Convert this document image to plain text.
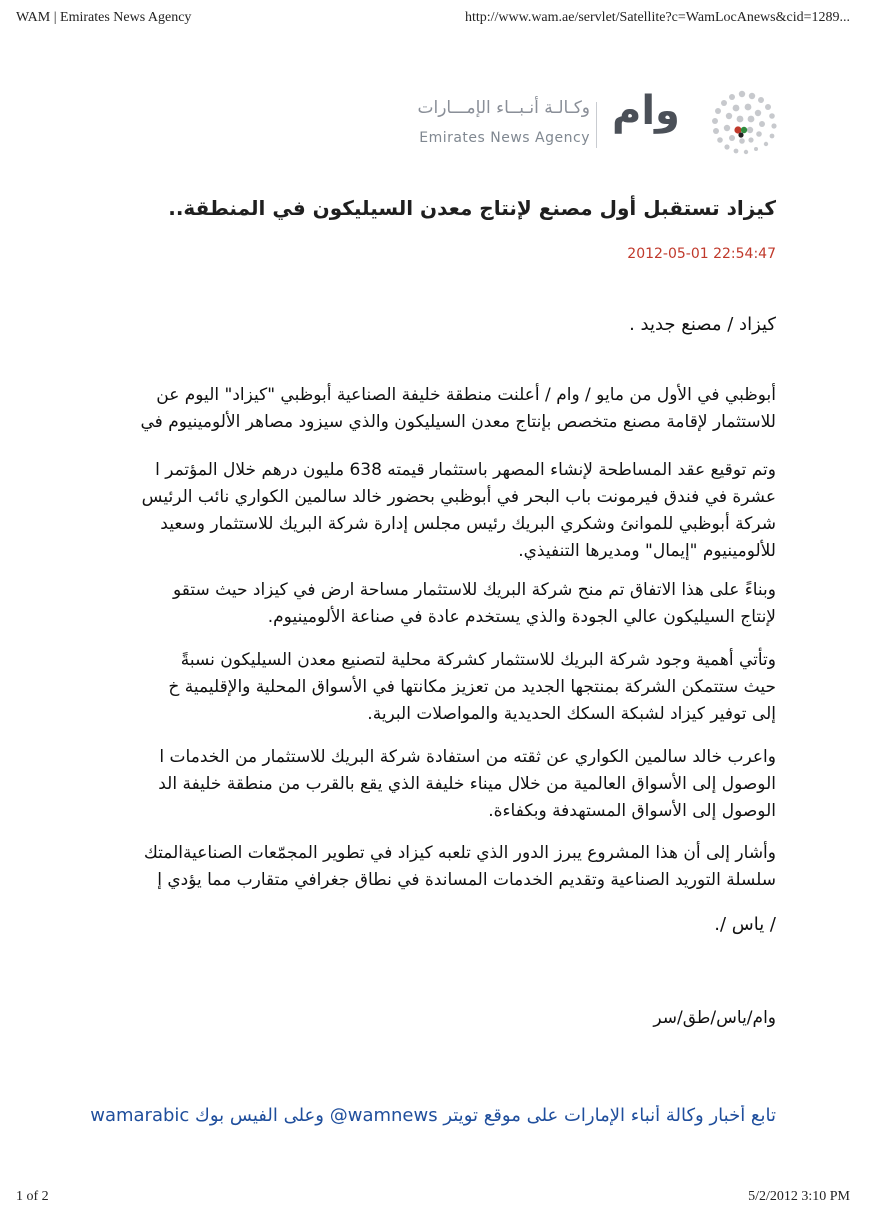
WAM | Emirates News Agency	http://www.wam.ae/servlet/Satellite?c=WamLocAnews&cid=1289...
وكـالـة أنـبــاء الإمـــارات
Emirates News Agency
وام
كيزاد تستقبل أول مصنع لإنتاج معدن السيليكون في المنطقة..
2012-05-01 22:54:47
كيزاد / مصنع جديد .
أبوظبي في الأول من مايو / وام / أعلنت منطقة خليفة الصناعية أبوظبي "كيزاد" اليوم عن
للاستثمار لإقامة مصنع متخصص بإنتاج معدن السيليكون والذي سيزود مصاهر الألومينيوم في
وتم توقيع عقد المساطحة لإنشاء المصهر باستثمار قيمته 638 مليون درهم خلال المؤتمر ا
عشرة في فندق فيرمونت باب البحر في أبوظبي بحضور خالد سالمين الكواري نائب الرئيس
شركة أبوظبي للموانئ وشكري البريك رئيس مجلس إدارة شركة البريك للاستثمار وسعيد
للألومينيوم "إيمال" ومديرها التنفيذي.
وبناءً على هذا الاتفاق تم منح شركة البريك للاستثمار مساحة ارض في كيزاد حيث ستقو
لإنتاج السيليكون عالي الجودة والذي يستخدم عادة في صناعة الألومينيوم.
وتأتي أهمية وجود شركة البريك للاستثمار كشركة محلية لتصنيع معدن السيليكون نسبةً
حيث ستتمكن الشركة بمنتجها الجديد من تعزيز مكانتها في الأسواق المحلية والإقليمية خ
إلى توفير كيزاد لشبكة السكك الحديدية والمواصلات البرية.
واعرب خالد سالمين الكواري عن ثقته من استفادة شركة البريك للاستثمار من الخدمات ا
الوصول إلى الأسواق العالمية من خلال ميناء خليفة الذي يقع بالقرب من منطقة خليفة الد
الوصول إلى الأسواق المستهدفة وبكفاءة.
وأشار إلى أن هذا المشروع يبرز الدور الذي تلعبه كيزاد في تطوير المجمّعات الصناعيةالمتك
سلسلة التوريد الصناعية وتقديم الخدمات المساندة في نطاق جغرافي متقارب مما يؤدي إ
/ ياس /.
وام/ياس/طق/سر
تابع أخبار وكالة أنباء الإمارات على موقع تويتر wamnews@ وعلى الفيس بوك wamarabic
1 of 2	5/2/2012 3:10 PM
